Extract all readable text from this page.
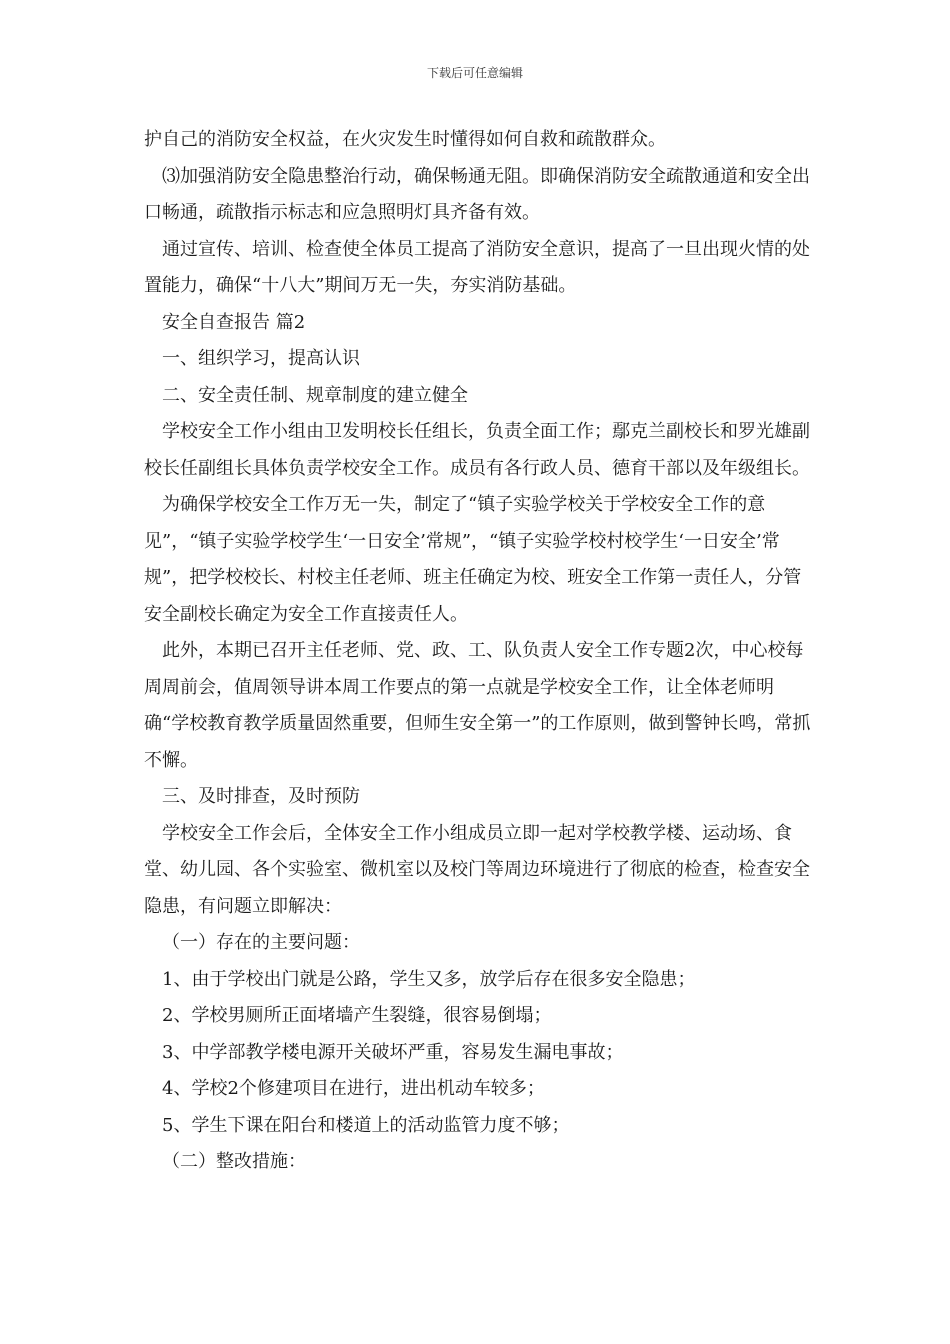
下载后可任意编辑

护自己的消防安全权益，在火灾发生时懂得如何自救和疏散群众。

⑶加强消防安全隐患整治行动，确保畅通无阻。即确保消防安全疏散通道和安全出口畅通，疏散指示标志和应急照明灯具齐备有效。

通过宣传、培训、检查使全体员工提高了消防安全意识，提高了一旦出现火情的处置能力，确保“十八大”期间万无一失，夯实消防基础。

安全自查报告 篇2

一、组织学习，提高认识

二、安全责任制、规章制度的建立健全

学校安全工作小组由卫发明校长任组长，负责全面工作；鄢克兰副校长和罗光雄副校长任副组长具体负责学校安全工作。成员有各行政人员、德育干部以及年级组长。

为确保学校安全工作万无一失，制定了“镇子实验学校关于学校安全工作的意见”，“镇子实验学校学生‘一日安全’常规”，“镇子实验学校村校学生‘一日安全’常规”，把学校校长、村校主任老师、班主任确定为校、班安全工作第一责任人，分管安全副校长确定为安全工作直接责任人。

此外，本期已召开主任老师、党、政、工、队负责人安全工作专题2次，中心校每周周前会，值周领导讲本周工作要点的第一点就是学校安全工作，让全体老师明确“学校教育教学质量固然重要，但师生安全第一”的工作原则，做到警钟长鸣，常抓不懈。

三、及时排查，及时预防

学校安全工作会后，全体安全工作小组成员立即一起对学校教学楼、运动场、食堂、幼儿园、各个实验室、微机室以及校门等周边环境进行了彻底的检查，检查安全隐患，有问题立即解决：

（一）存在的主要问题：

1、由于学校出门就是公路，学生又多，放学后存在很多安全隐患；
2、学校男厕所正面堵墙产生裂缝，很容易倒塌；
3、中学部教学楼电源开关破坏严重，容易发生漏电事故；
4、学校2个修建项目在进行，进出机动车较多；
5、学生下课在阳台和楼道上的活动监管力度不够；

（二）整改措施：
